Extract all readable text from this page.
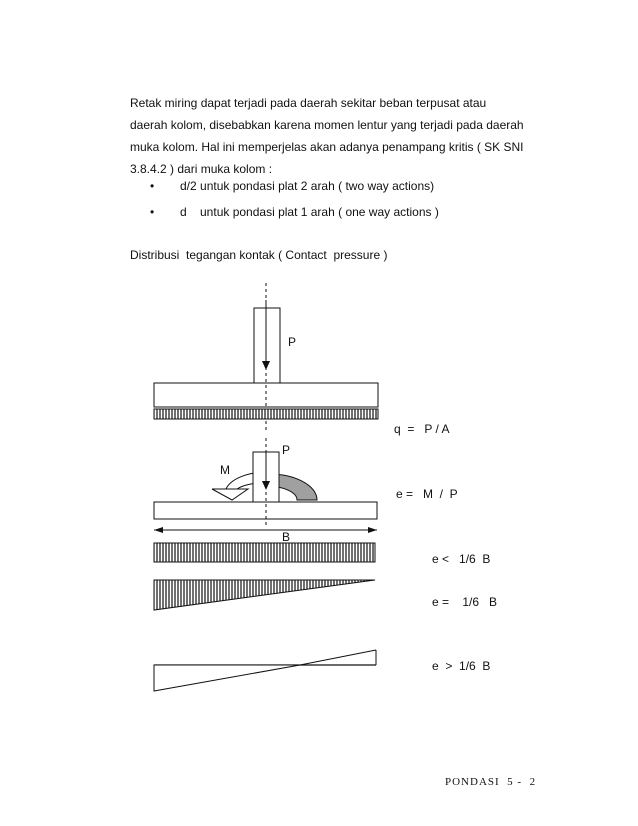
Retak miring dapat terjadi pada daerah sekitar beban terpusat atau

daerah kolom, disebabkan karena momen lentur yang terjadi pada daerah

muka kolom. Hal ini memperjelas akan adanya penampang kritis ( SK SNI

3.8.4.2 ) dari muka kolom :

• d/2 untuk pondasi plat 2 arah ( two way actions)
• d    untuk pondasi plat 1 arah ( one way actions )
Distribusi  tegangan kontak ( Contact  pressure )
P
P
M
B
q  =   P / A
e =   M  /  P
e <   1/6  B
e =    1/6   B
e  >  1/6  B
PONDASI  5 -  2
